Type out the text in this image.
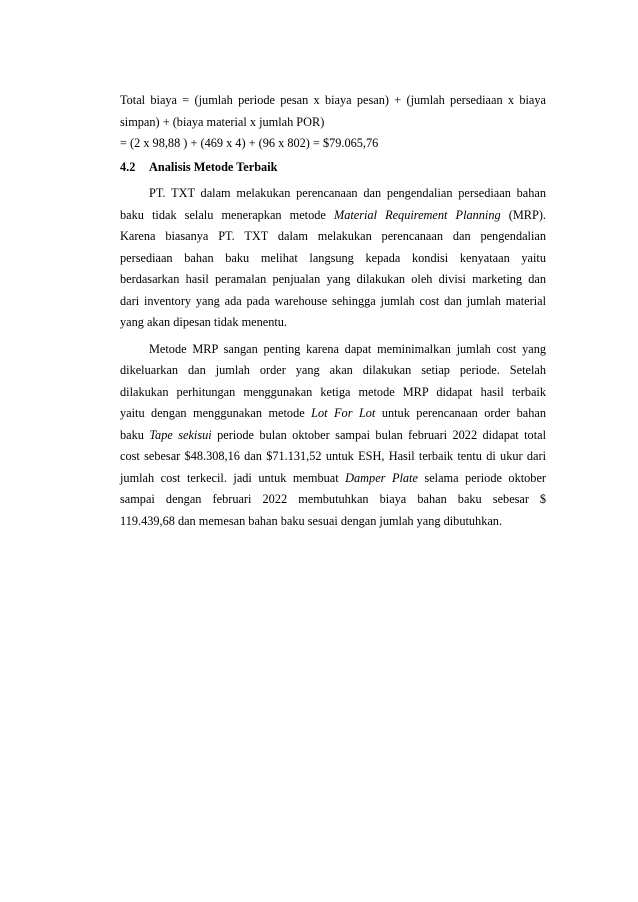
Total biaya = (jumlah periode pesan x biaya pesan) + (jumlah persediaan x biaya
simpan) + (biaya material x jumlah POR)
= (2 x 98,88 ) + (469 x 4) + (96 x 802) = $79.065,76
4.2 Analisis Metode Terbaik
PT. TXT dalam melakukan perencanaan dan pengendalian persediaan bahan
baku tidak selalu menerapkan metode Material Requirement Planning (MRP).
Karena biasanya PT. TXT dalam melakukan perencanaan dan pengendalian
persediaan bahan baku melihat langsung kepada kondisi kenyataan yaitu
berdasarkan hasil peramalan penjualan yang dilakukan oleh divisi marketing dan
dari inventory yang ada pada warehouse sehingga jumlah cost dan jumlah material
yang akan dipesan tidak menentu.
Metode MRP sangan penting karena dapat meminimalkan jumlah cost yang
dikeluarkan dan jumlah order yang akan dilakukan setiap periode. Setelah
dilakukan perhitungan menggunakan ketiga metode MRP didapat hasil terbaik
yaitu dengan menggunakan metode Lot For Lot untuk perencanaan order bahan
baku Tape sekisui periode bulan oktober sampai bulan februari 2022 didapat total
cost sebesar $48.308,16 dan $71.131,52 untuk ESH, Hasil terbaik tentu di ukur dari
jumlah cost terkecil. jadi untuk membuat Damper Plate selama periode oktober
$
sampai dengan februari 2022 membutuhkan biaya bahan baku sebesar
119.439,68 dan memesan bahan baku sesuai dengan jumlah yang dibutuhkan.
